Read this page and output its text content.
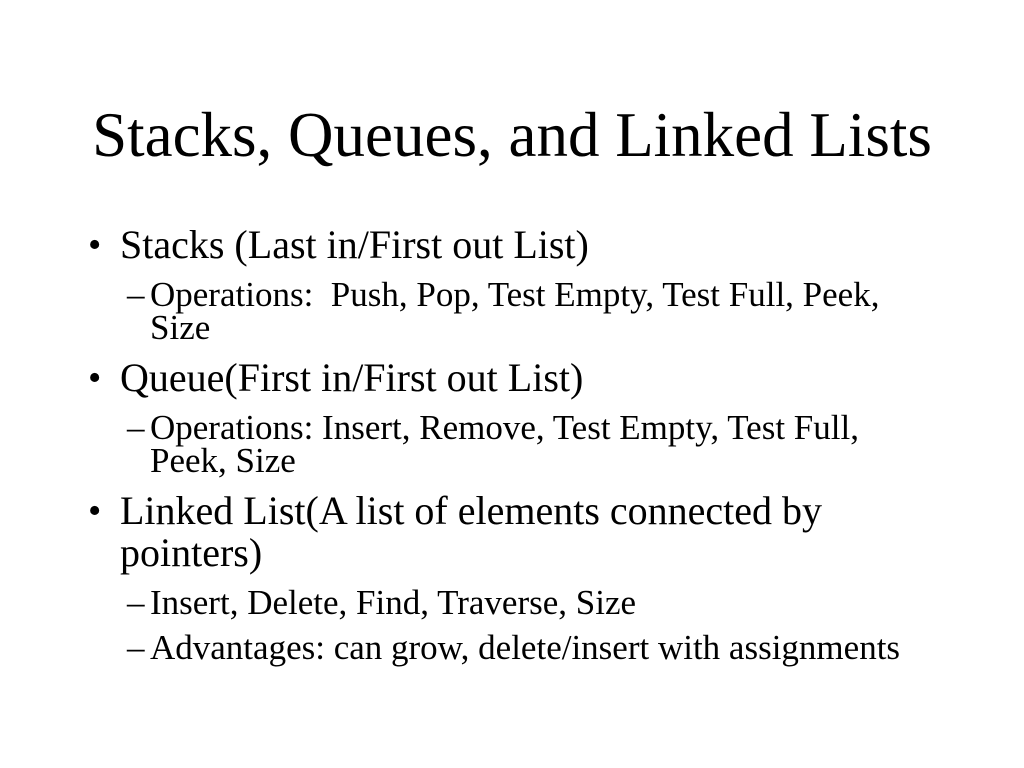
Stacks, Queues, and Linked Lists
• Stacks (Last in/First out List)
– Operations:  Push, Pop, Test Empty, Test Full, Peek,
Size
• Queue(First in/First out List)
– Operations: Insert, Remove, Test Empty, Test Full,
Peek, Size
• Linked List(A list of elements connected by
pointers)
– Insert, Delete, Find, Traverse, Size
– Advantages: can grow, delete/insert with assignments
